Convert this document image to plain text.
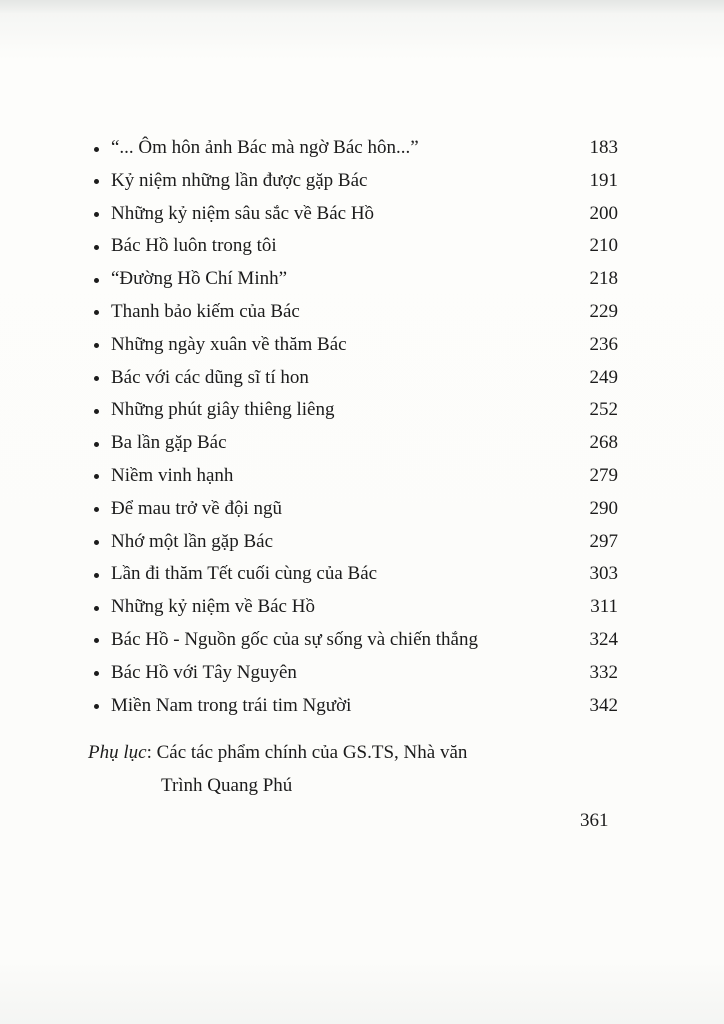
“... Ôm hôn ảnh Bác mà ngờ Bác hôn...”	183
Kỷ niệm những lần được gặp Bác	191
Những kỷ niệm sâu sắc về Bác Hồ	200
Bác Hồ luôn trong tôi	210
“Đường Hồ Chí Minh”	218
Thanh bảo kiếm của Bác	229
Những ngày xuân về thăm Bác	236
Bác với các dũng sĩ tí hon	249
Những phút giây thiêng liêng	252
Ba lần gặp Bác	268
Niềm vinh hạnh	279
Để mau trở về đội ngũ	290
Nhớ một lần gặp Bác	297
Lần đi thăm Tết cuối cùng của Bác	303
Những kỷ niệm về Bác Hồ	311
Bác Hồ - Nguồn gốc của sự sống và chiến thắng	324
Bác Hồ với Tây Nguyên	332
Miền Nam trong trái tim Người	342
Phụ lục: Các tác phẩm chính của GS.TS, Nhà văn
Trình Quang Phú
361
